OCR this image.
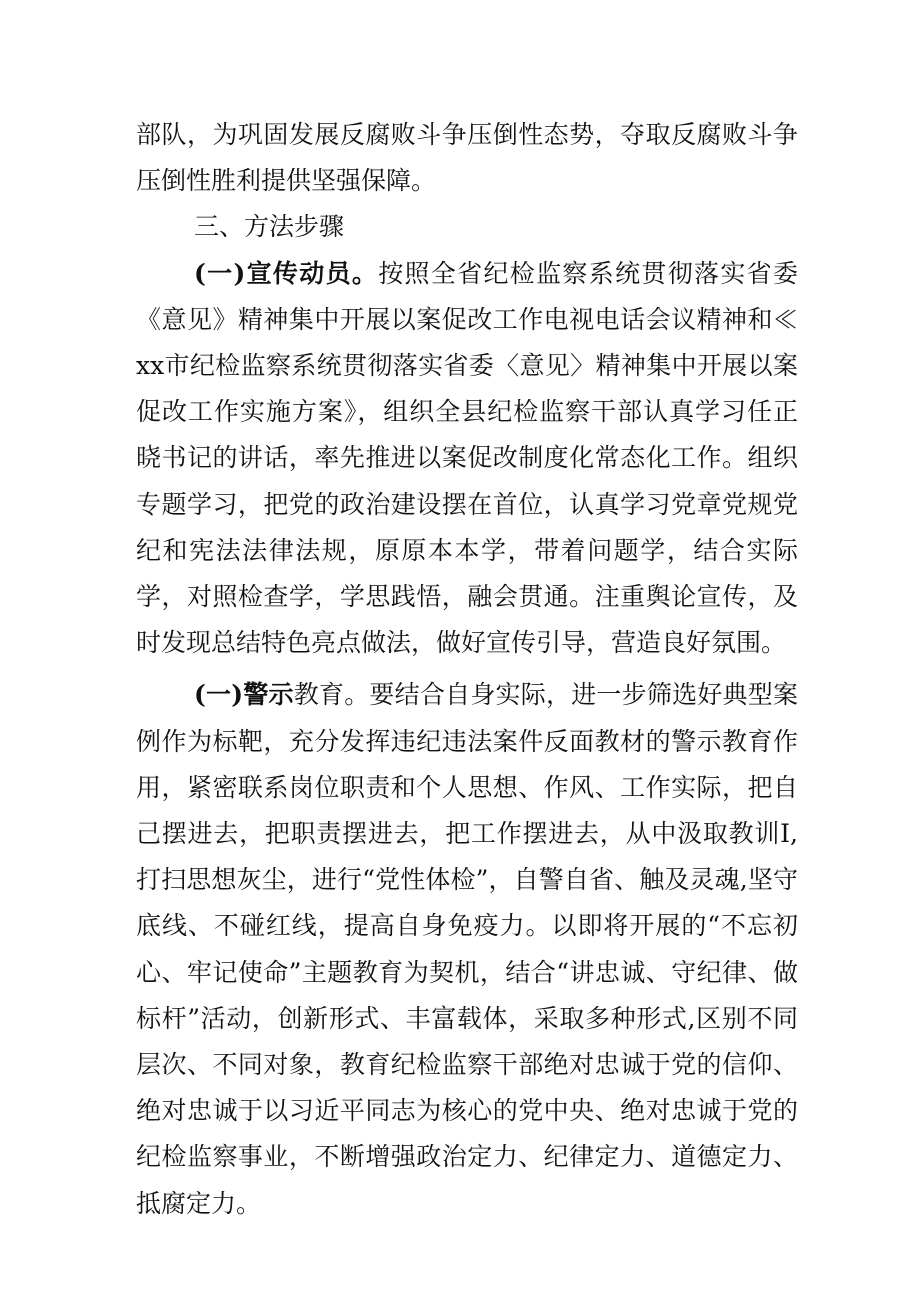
部队，为巩固发展反腐败斗争压倒性态势，夺取反腐败斗争压倒性胜利提供坚强保障。

三、方法步骤

(一)宣传动员。按照全省纪检监察系统贯彻落实省委《意见》精神集中开展以案促改工作电视电话会议精神和≪xx市纪检监察系统贯彻落实省委〈意见〉精神集中开展以案促改工作实施方案》，组织全县纪检监察干部认真学习任正晓书记的讲话，率先推进以案促改制度化常态化工作。组织专题学习，把党的政治建设摆在首位，认真学习党章党规党纪和宪法法律法规，原原本本学，带着问题学，结合实际学，对照检查学，学思践悟，融会贯通。注重舆论宣传，及时发现总结特色亮点做法，做好宣传引导，营造良好氛围。

(一)警示教育。要结合自身实际，进一步筛选好典型案例作为标靶，充分发挥违纪违法案件反面教材的警示教育作用，紧密联系岗位职责和个人思想、作风、工作实际，把自己摆进去，把职责摆进去，把工作摆进去，从中汲取教训I,打扫思想灰尘，进行“党性体检”，自警自省、触及灵魂,坚守底线、不碰红线，提高自身免疫力。以即将开展的“不忘初心、牢记使命”主题教育为契机，结合“讲忠诚、守纪律、做标杆”活动，创新形式、丰富载体，采取多种形式,区别不同层次、不同对象，教育纪检监察干部绝对忠诚于党的信仰、绝对忠诚于以习近平同志为核心的党中央、绝对忠诚于党的纪检监察事业，不断增强政治定力、纪律定力、道德定力、抵腐定力。
